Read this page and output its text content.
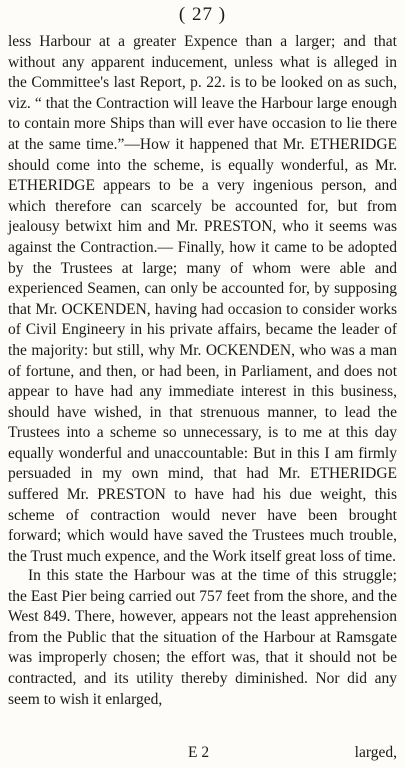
( 27 )

less Harbour at a greater Expence than a larger; and that without any apparent inducement, unless what is alleged in the Committee's last Report, p. 22. is to be looked on as such, viz. “ that the Contraction will leave the Harbour large enough to contain more Ships than will ever have occasion to lie there at the same time.”—How it happened that Mr. ETHERIDGE should come into the scheme, is equally wonderful, as Mr. ETHERIDGE appears to be a very ingenious person, and which therefore can scarcely be accounted for, but from jealousy betwixt him and Mr. PRESTON, who it seems was against the Contraction.— Finally, how it came to be adopted by the Trustees at large; many of whom were able and experienced Seamen, can only be accounted for, by supposing that Mr. OCKENDEN, having had occasion to consider works of Civil Engineery in his private affairs, became the leader of the majority: but still, why Mr. OCKENDEN, who was a man of fortune, and then, or had been, in Parliament, and does not appear to have had any immediate interest in this business, should have wished, in that strenuous manner, to lead the Trustees into a scheme so unnecessary, is to me at this day equally wonderful and unaccountable: But in this I am firmly persuaded in my own mind, that had Mr. ETHERIDGE suffered Mr. PRESTON to have had his due weight, this scheme of contraction would never have been brought forward; which would have saved the Trustees much trouble, the Trust much expence, and the Work itself great loss of time.

In this state the Harbour was at the time of this struggle; the East Pier being carried out 757 feet from the shore, and the West 849. There, however, appears not the least apprehension from the Public that the situation of the Harbour at Ramsgate was improperly chosen; the effort was, that it should not be contracted, and its utility thereby diminished. Nor did any seem to wish it enlarged,

E 2	larged,
